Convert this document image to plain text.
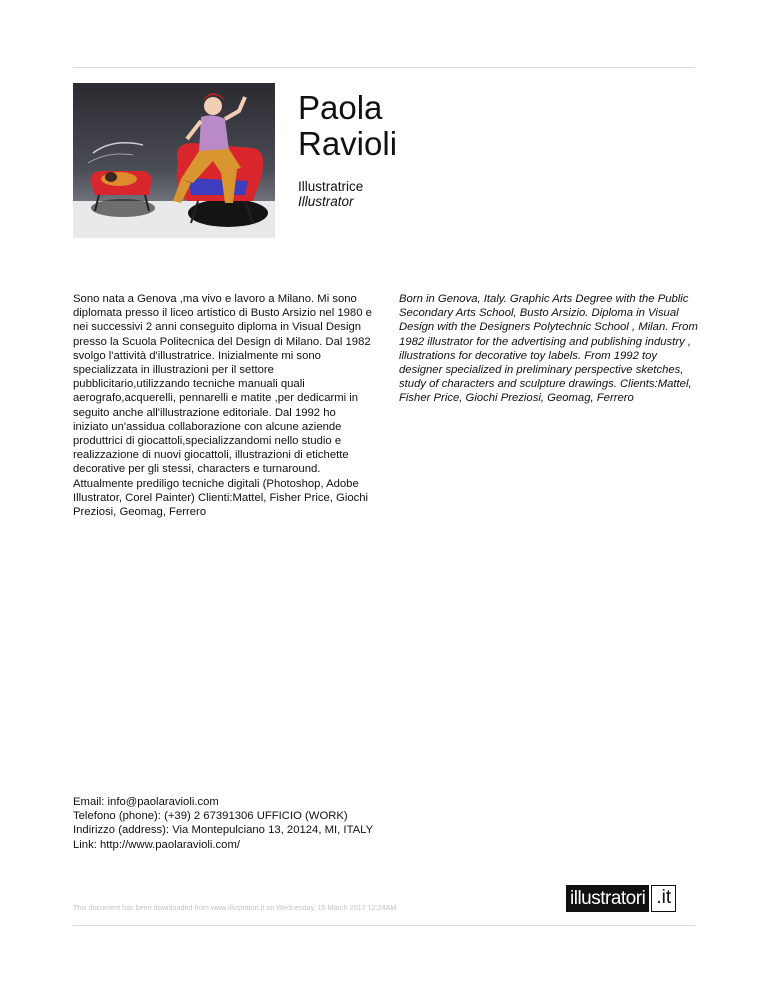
Paola
Ravioli
Illustratrice
Illustrator

Sono nata a Genova ,ma vivo e lavoro a Milano. Mi sono diplomata presso il liceo artistico di Busto Arsizio nel 1980 e nei successivi 2 anni conseguito diploma in Visual Design presso la Scuola Politecnica del Design di Milano. Dal 1982 svolgo l'attività d'illustratrice. Inizialmente mi sono specializzata in illustrazioni per il settore pubblicitario,utilizzando tecniche manuali quali aerografo,acquerelli, pennarelli e matite ,per dedicarmi in seguito anche all'illustrazione editoriale. Dal 1992 ho iniziato un'assidua collaborazione con alcune aziende produttrici di giocattoli,specializzandomi nello studio e realizzazione di nuovi giocattoli, illustrazioni di etichette decorative per gli stessi, characters e turnaround. Attualmente prediligo tecniche digitali (Photoshop, Adobe Illustrator, Corel Painter) Clienti:Mattel, Fisher Price, Giochi Preziosi, Geomag, Ferrero

Born in Genova, Italy. Graphic Arts Degree with the Public Secondary Arts School, Busto Arsizio. Diploma in Visual Design with the Designers Polytechnic School , Milan. From 1982 illustrator for the advertising and publishing industry , illustrations for decorative toy labels. From 1992 toy designer specialized in preliminary perspective sketches, study of characters and sculpture drawings. Clients:Mattel, Fisher Price, Giochi Preziosi, Geomag, Ferrero

Email: info@paolaravioli.com
Telefono (phone): (+39) 2 67391306 UFFICIO (WORK)
Indirizzo (address): Via Montepulciano 13, 20124, MI, ITALY
Link: http://www.paolaravioli.com/
This document has been downloaded from www.illustratori.it on Wednesday, 15 March 2017 12:24AM	illustratori .it
